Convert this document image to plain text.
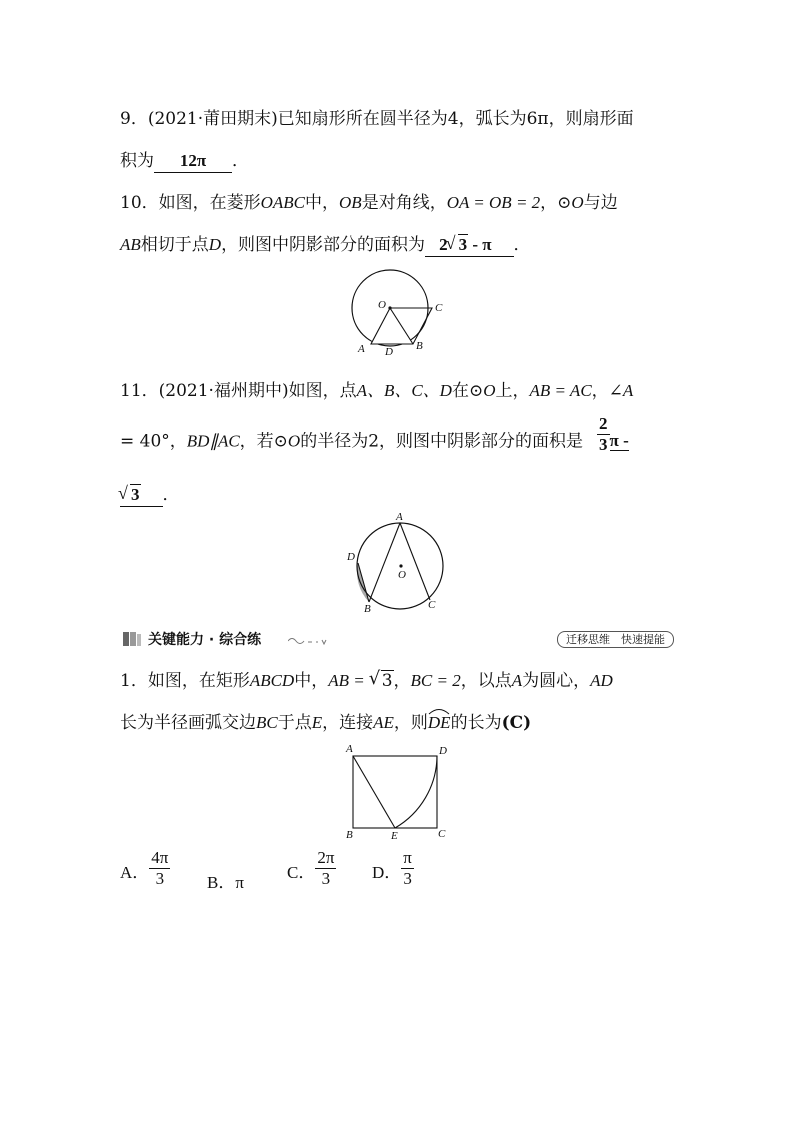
9．(2021·莆田期末)已知扇形所在圆半径为4，弧长为6π，则扇形面
积为 12π ．
10．如图，在菱形OABC中，OB是对角线，OA = OB = 2，⊙O与边
AB相切于点D，则图中阴影部分的面积为 2 √ 3 - π ．
O	C
A D B
11．(2021·福州期中)如图，点A、B、C、D在⊙O上，AB = AC，∠A
= 40°，BD∥AC，若⊙O的半径为2，则图中阴影部分的面积是 $\frac{2}{3}$ π -
√ 3 ．
A
D
O
B	C
关键能力 · 综合练	迁移思维　快速提能
1．如图，在矩形ABCD中，AB = √ 3，BC = 2，以点A为圆心，AD
长为半径画弧交边BC于点E，连接AE，则DE
的长为(C)
A	D
B	E	C
A． $\frac{4\pi}{3}$ B．π
C． $\frac{2\pi}{3}$ D． $\frac{\pi}{3}$
